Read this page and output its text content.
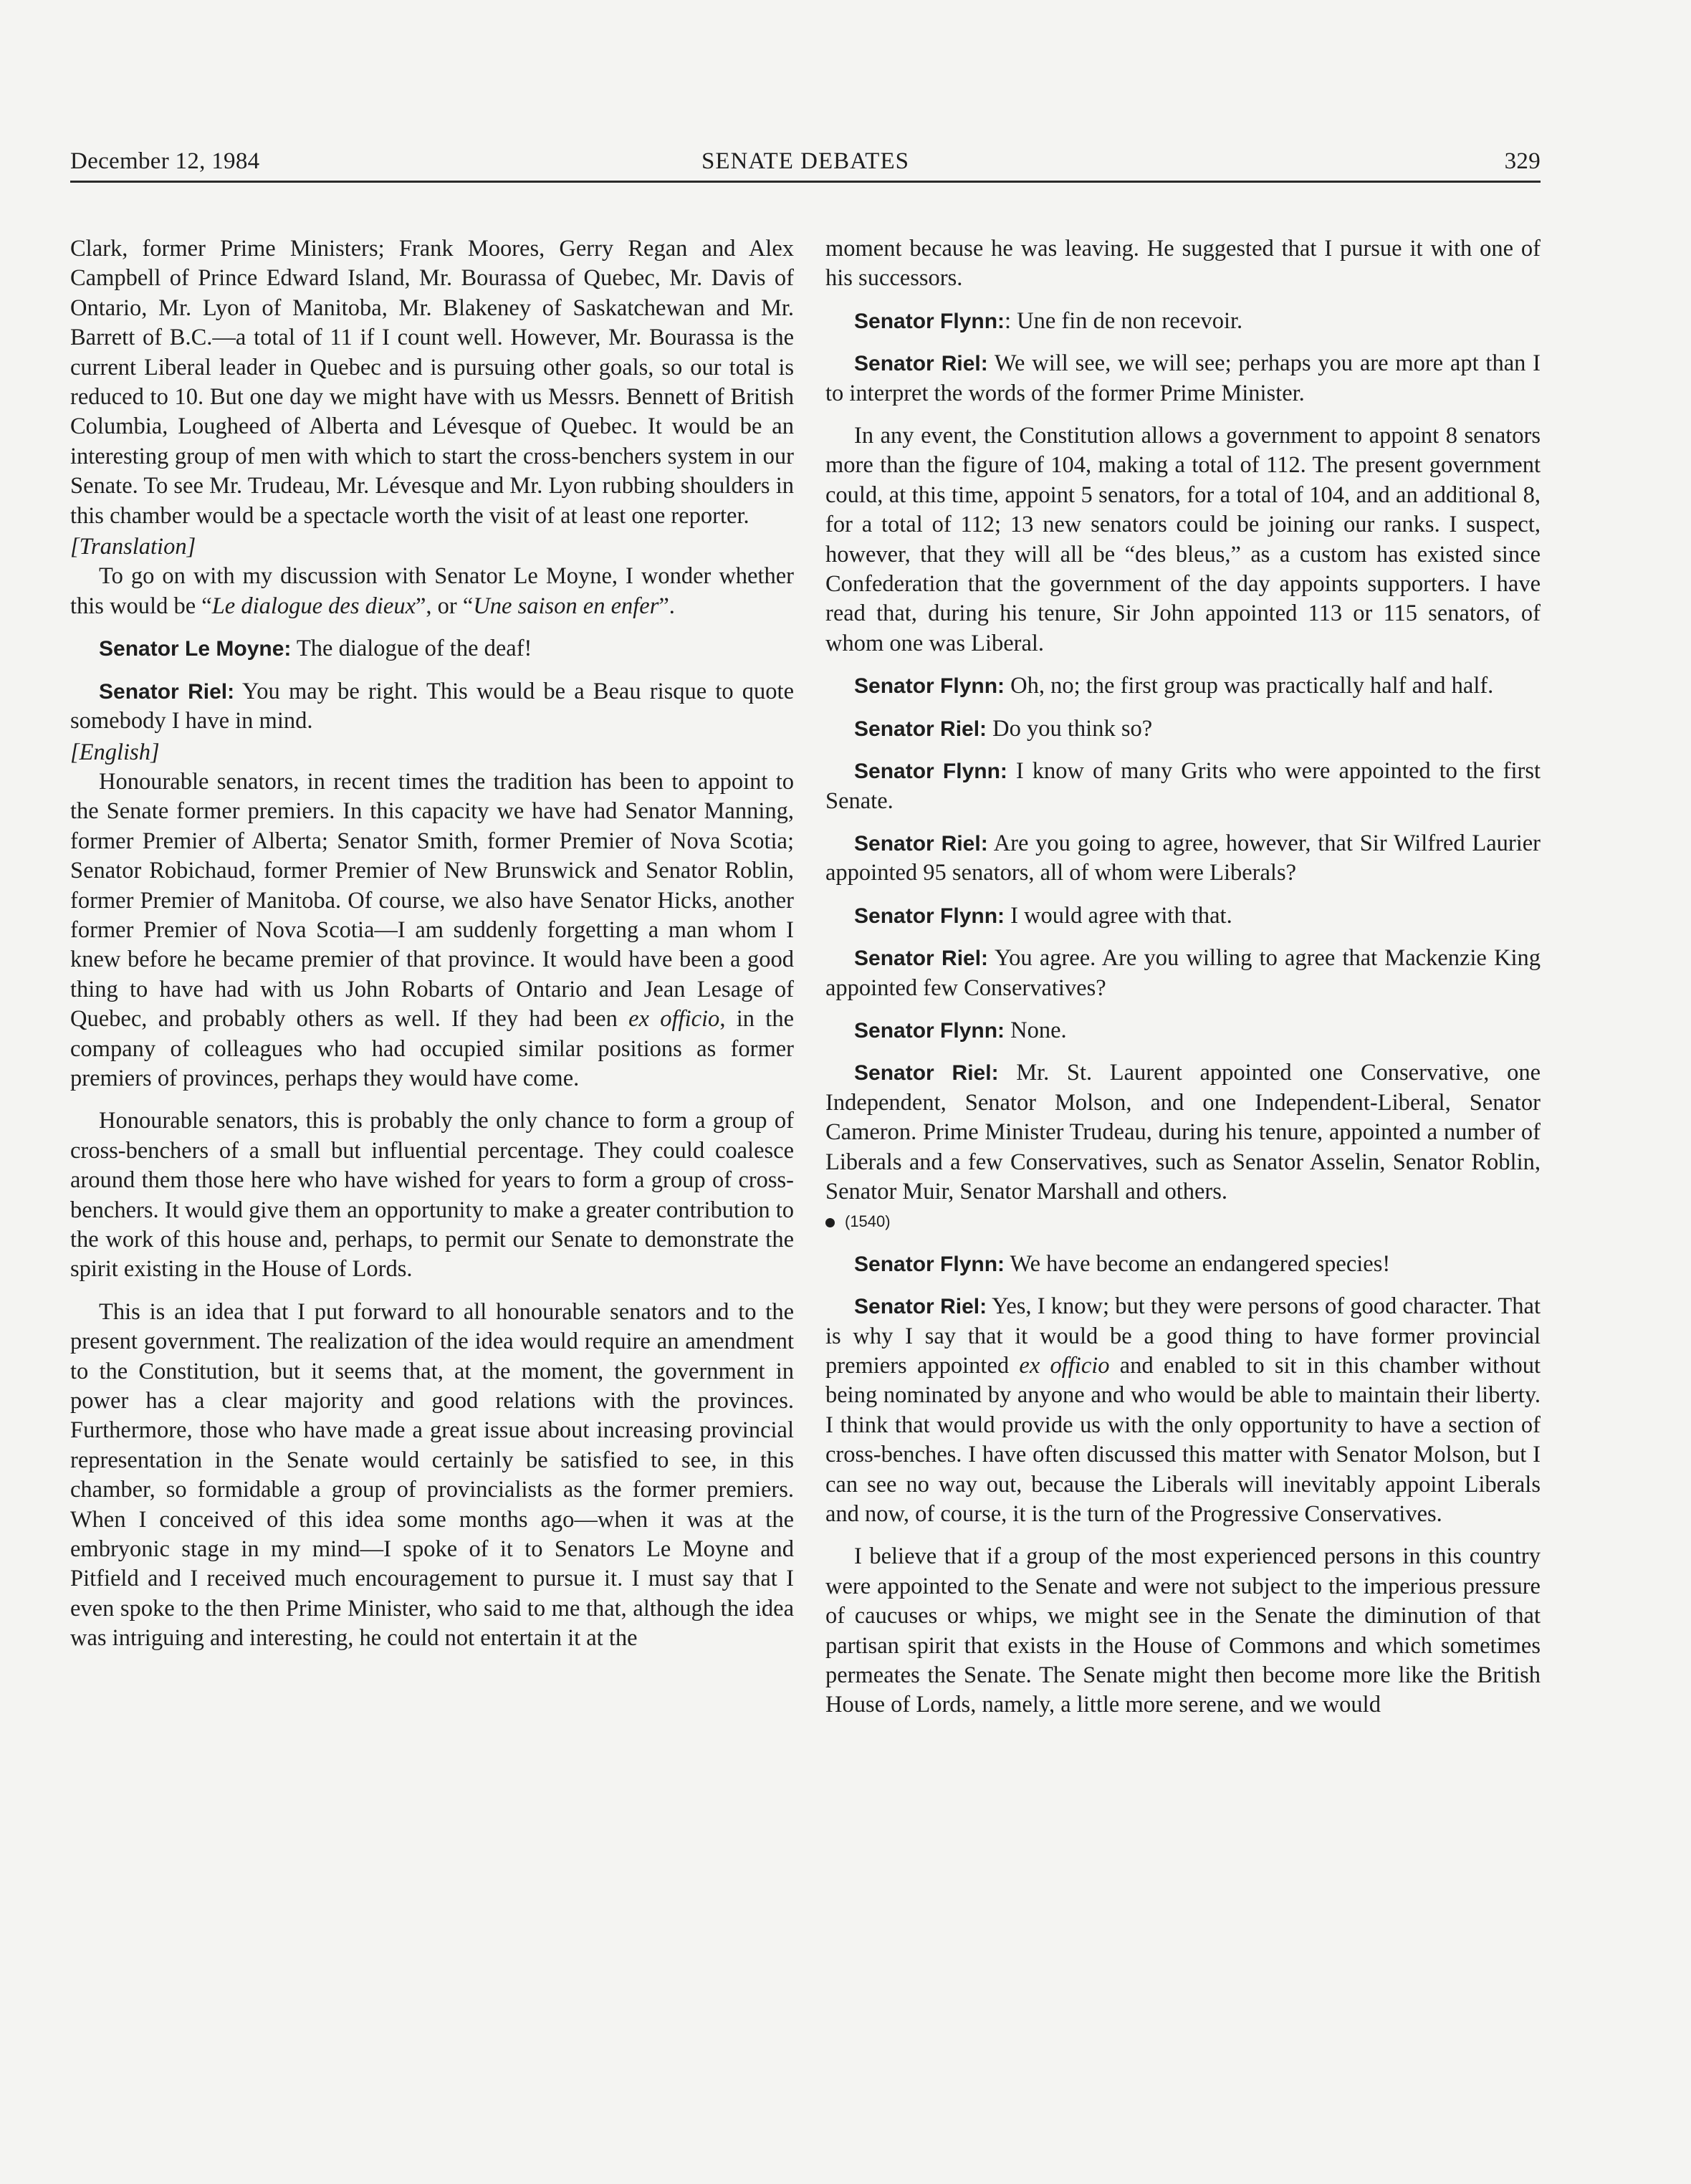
December 12, 1984	SENATE DEBATES	329

Clark, former Prime Ministers; Frank Moores, Gerry Regan and Alex Campbell of Prince Edward Island, Mr. Bourassa of Quebec, Mr. Davis of Ontario, Mr. Lyon of Manitoba, Mr. Blakeney of Saskatchewan and Mr. Barrett of B.C.—a total of 11 if I count well. However, Mr. Bourassa is the current Liberal leader in Quebec and is pursuing other goals, so our total is reduced to 10. But one day we might have with us Messrs. Bennett of British Columbia, Lougheed of Alberta and Lévesque of Quebec. It would be an interesting group of men with which to start the cross-benchers system in our Senate. To see Mr. Trudeau, Mr. Lévesque and Mr. Lyon rubbing shoulders in this chamber would be a spectacle worth the visit of at least one reporter.

[Translation]

To go on with my discussion with Senator Le Moyne, I wonder whether this would be “Le dialogue des dieux”, or “Une saison en enfer”.

Senator Le Moyne: The dialogue of the deaf!

Senator Riel: You may be right. This would be a Beau risque to quote somebody I have in mind.

[English]

Honourable senators, in recent times the tradition has been to appoint to the Senate former premiers. In this capacity we have had Senator Manning, former Premier of Alberta; Senator Smith, former Premier of Nova Scotia; Senator Robichaud, former Premier of New Brunswick and Senator Roblin, former Premier of Manitoba. Of course, we also have Senator Hicks, another former Premier of Nova Scotia—I am suddenly forgetting a man whom I knew before he became premier of that province. It would have been a good thing to have had with us John Robarts of Ontario and Jean Lesage of Quebec, and probably others as well. If they had been ex officio, in the company of colleagues who had occupied similar positions as former premiers of provinces, perhaps they would have come.

Honourable senators, this is probably the only chance to form a group of cross-benchers of a small but influential percentage. They could coalesce around them those here who have wished for years to form a group of cross-benchers. It would give them an opportunity to make a greater contribution to the work of this house and, perhaps, to permit our Senate to demonstrate the spirit existing in the House of Lords.

This is an idea that I put forward to all honourable senators and to the present government. The realization of the idea would require an amendment to the Constitution, but it seems that, at the moment, the government in power has a clear majority and good relations with the provinces. Furthermore, those who have made a great issue about increasing provincial representation in the Senate would certainly be satisfied to see, in this chamber, so formidable a group of provincialists as the former premiers. When I conceived of this idea some months ago—when it was at the embryonic stage in my mind—I spoke of it to Senators Le Moyne and Pitfield and I received much encouragement to pursue it. I must say that I even spoke to the then Prime Minister, who said to me that, although the idea was intriguing and interesting, he could not entertain it at the

moment because he was leaving. He suggested that I pursue it with one of his successors.

Senator Flynn:: Une fin de non recevoir.

Senator Riel: We will see, we will see; perhaps you are more apt than I to interpret the words of the former Prime Minister.

In any event, the Constitution allows a government to appoint 8 senators more than the figure of 104, making a total of 112. The present government could, at this time, appoint 5 senators, for a total of 104, and an additional 8, for a total of 112; 13 new senators could be joining our ranks. I suspect, however, that they will all be “des bleus,” as a custom has existed since Confederation that the government of the day appoints supporters. I have read that, during his tenure, Sir John appointed 113 or 115 senators, of whom one was Liberal.

Senator Flynn: Oh, no; the first group was practically half and half.

Senator Riel: Do you think so?

Senator Flynn: I know of many Grits who were appointed to the first Senate.

Senator Riel: Are you going to agree, however, that Sir Wilfred Laurier appointed 95 senators, all of whom were Liberals?

Senator Flynn: I would agree with that.

Senator Riel: You agree. Are you willing to agree that Mackenzie King appointed few Conservatives?

Senator Flynn: None.

Senator Riel: Mr. St. Laurent appointed one Conservative, one Independent, Senator Molson, and one Independent-Liberal, Senator Cameron. Prime Minister Trudeau, during his tenure, appointed a number of Liberals and a few Conservatives, such as Senator Asselin, Senator Roblin, Senator Muir, Senator Marshall and others.

(1540)

Senator Flynn: We have become an endangered species!

Senator Riel: Yes, I know; but they were persons of good character. That is why I say that it would be a good thing to have former provincial premiers appointed ex officio and enabled to sit in this chamber without being nominated by anyone and who would be able to maintain their liberty. I think that would provide us with the only opportunity to have a section of cross-benches. I have often discussed this matter with Senator Molson, but I can see no way out, because the Liberals will inevitably appoint Liberals and now, of course, it is the turn of the Progressive Conservatives.

I believe that if a group of the most experienced persons in this country were appointed to the Senate and were not subject to the imperious pressure of caucuses or whips, we might see in the Senate the diminution of that partisan spirit that exists in the House of Commons and which sometimes permeates the Senate. The Senate might then become more like the British House of Lords, namely, a little more serene, and we would
